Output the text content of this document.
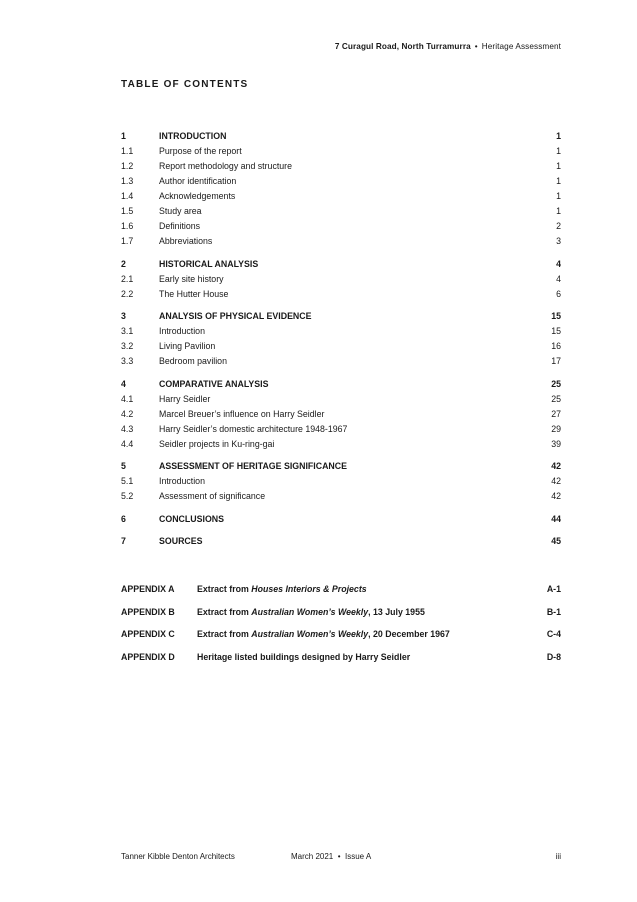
7 Curagul Road, North Turramurra • Heritage Assessment
TABLE OF CONTENTS
1	INTRODUCTION	1
1.1	Purpose of the report	1
1.2	Report methodology and structure	1
1.3	Author identification	1
1.4	Acknowledgements	1
1.5	Study area	1
1.6	Definitions	2
1.7	Abbreviations	3
2	HISTORICAL ANALYSIS	4
2.1	Early site history	4
2.2	The Hutter House	6
3	ANALYSIS OF PHYSICAL EVIDENCE	15
3.1	Introduction	15
3.2	Living Pavilion	16
3.3	Bedroom pavilion	17
4	COMPARATIVE ANALYSIS	25
4.1	Harry Seidler	25
4.2	Marcel Breuer’s influence on Harry Seidler	27
4.3	Harry Seidler’s domestic architecture 1948-1967	29
4.4	Seidler projects in Ku-ring-gai	39
5	ASSESSMENT OF HERITAGE SIGNIFICANCE	42
5.1	Introduction	42
5.2	Assessment of significance	42
6	CONCLUSIONS	44
7	SOURCES	45
APPENDIX A	Extract from Houses Interiors & Projects	A-1
APPENDIX B	Extract from Australian Women’s Weekly, 13 July 1955	B-1
APPENDIX C	Extract from Australian Women’s Weekly, 20 December 1967	C-4
APPENDIX D	Heritage listed buildings designed by Harry Seidler	D-8
Tanner Kibble Denton Architects	March 2021 • Issue A	iii
